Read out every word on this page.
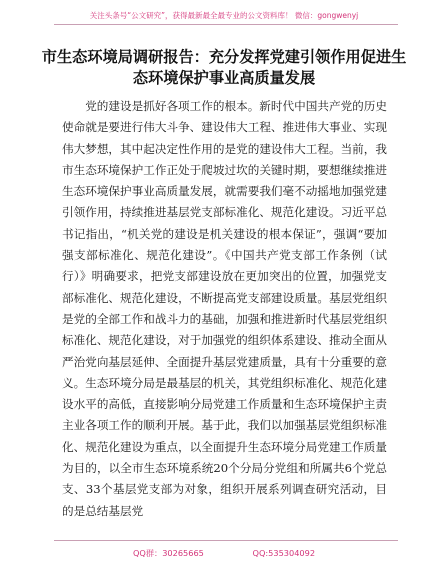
关注头条号“公文研究”，获得最新最全最专业的公文资料库！ 微信：gongwenyj
市生态环境局调研报告：充分发挥党建引领作用促进生态环境保护事业高质量发展

党的建设是抓好各项工作的根本。新时代中国共产党的历史使命就是要进行伟大斗争、建设伟大工程、推进伟大事业、实现伟大梦想，其中起决定性作用的是党的建设伟大工程。当前，我市生态环境保护工作正处于爬坡过坎的关键时期，要想继续推进生态环境保护事业高质量发展，就需要我们毫不动摇地加强党建引领作用，持续推进基层党支部标准化、规范化建设。习近平总书记指出，“机关党的建设是机关建设的根本保证”，强调“要加强支部标准化、规范化建设”。《中国共产党支部工作条例（试行）》明确要求，把党支部建设放在更加突出的位置，加强党支部标准化、规范化建设，不断提高党支部建设质量。基层党组织是党的全部工作和战斗力的基础，加强和推进新时代基层党组织标准化、规范化建设，对于加强党的组织体系建设、推动全面从严治党向基层延伸、全面提升基层党建质量，具有十分重要的意义。生态环境分局是最基层的机关，其党组织标准化、规范化建设水平的高低，直接影响分局党建工作质量和生态环境保护主责主业各项工作的顺利开展。基于此，我们以加强基层党组织标准化、规范化建设为重点，以全面提升生态环境分局党建工作质量为目的，以全市生态环境系统20个分局分党组和所属共6个党总支、33个基层党支部为对象，组织开展系列调查研究活动，目的是总结基层党

QQ群：30265665	QQ:535304092
